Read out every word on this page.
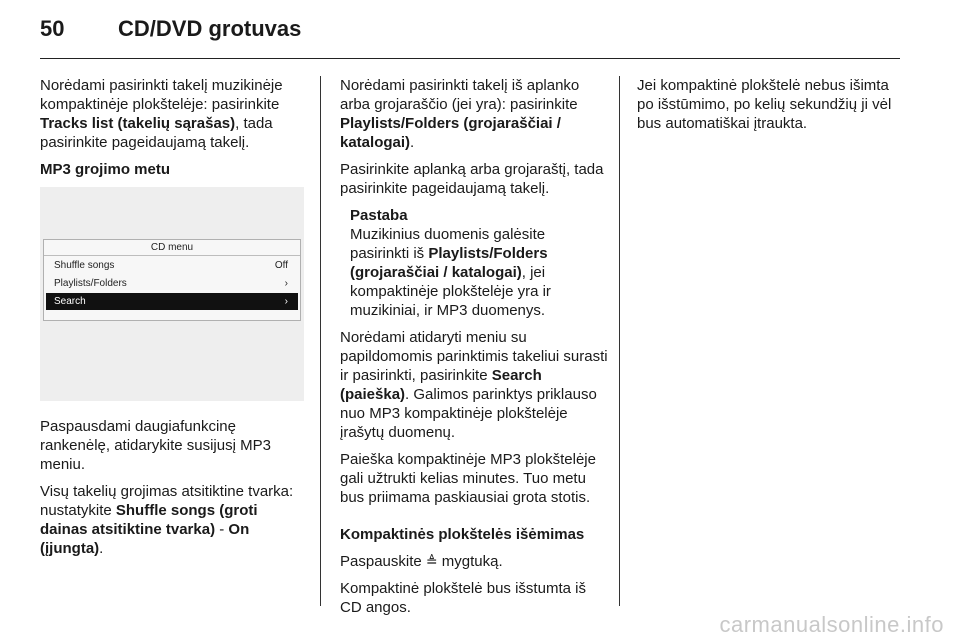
50 CD/DVD grotuvas

Norėdami pasirinkti takelį muzikinėje kompaktinėje plokštelėje: pasirinkite Tracks list (takelių sąrašas), tada pasirinkite pageidaujamą takelį.

MP3 grojimo metu

CD menu
Shuffle songs	Off
Playlists/Folders	›
Search	›

Paspausdami daugiafunkcinę rankenėlę, atidarykite susijusį MP3 meniu.

Visų takelių grojimas atsitiktine tvarka: nustatykite Shuffle songs (groti dainas atsitiktine tvarka) - On (įjungta).

Norėdami pasirinkti takelį iš aplanko arba grojaraščio (jei yra): pasirinkite Playlists/Folders (grojaraščiai / katalogai).

Pasirinkite aplanką arba grojaraštį, tada pasirinkite pageidaujamą takelį.

Pastaba
Muzikinius duomenis galėsite pasirinkti iš Playlists/Folders (grojaraščiai / katalogai), jei kompaktinėje plokštelėje yra ir muzikiniai, ir MP3 duomenys.

Norėdami atidaryti meniu su papildomomis parinktimis takeliui surasti ir pasirinkti, pasirinkite Search (paieška). Galimos parinktys priklauso nuo MP3 kompaktinėje plokštelėje įrašytų duomenų.

Paieška kompaktinėje MP3 plokštelėje gali užtrukti kelias minutes. Tuo metu bus priimama paskiausiai grota stotis.

Kompaktinės plokštelės išėmimas

Paspauskite ≜ mygtuką.

Kompaktinė plokštelė bus išstumta iš CD angos.

Jei kompaktinė plokštelė nebus išimta po išstūmimo, po kelių sekundžių ji vėl bus automatiškai įtraukta.

carmanualsonline.info
